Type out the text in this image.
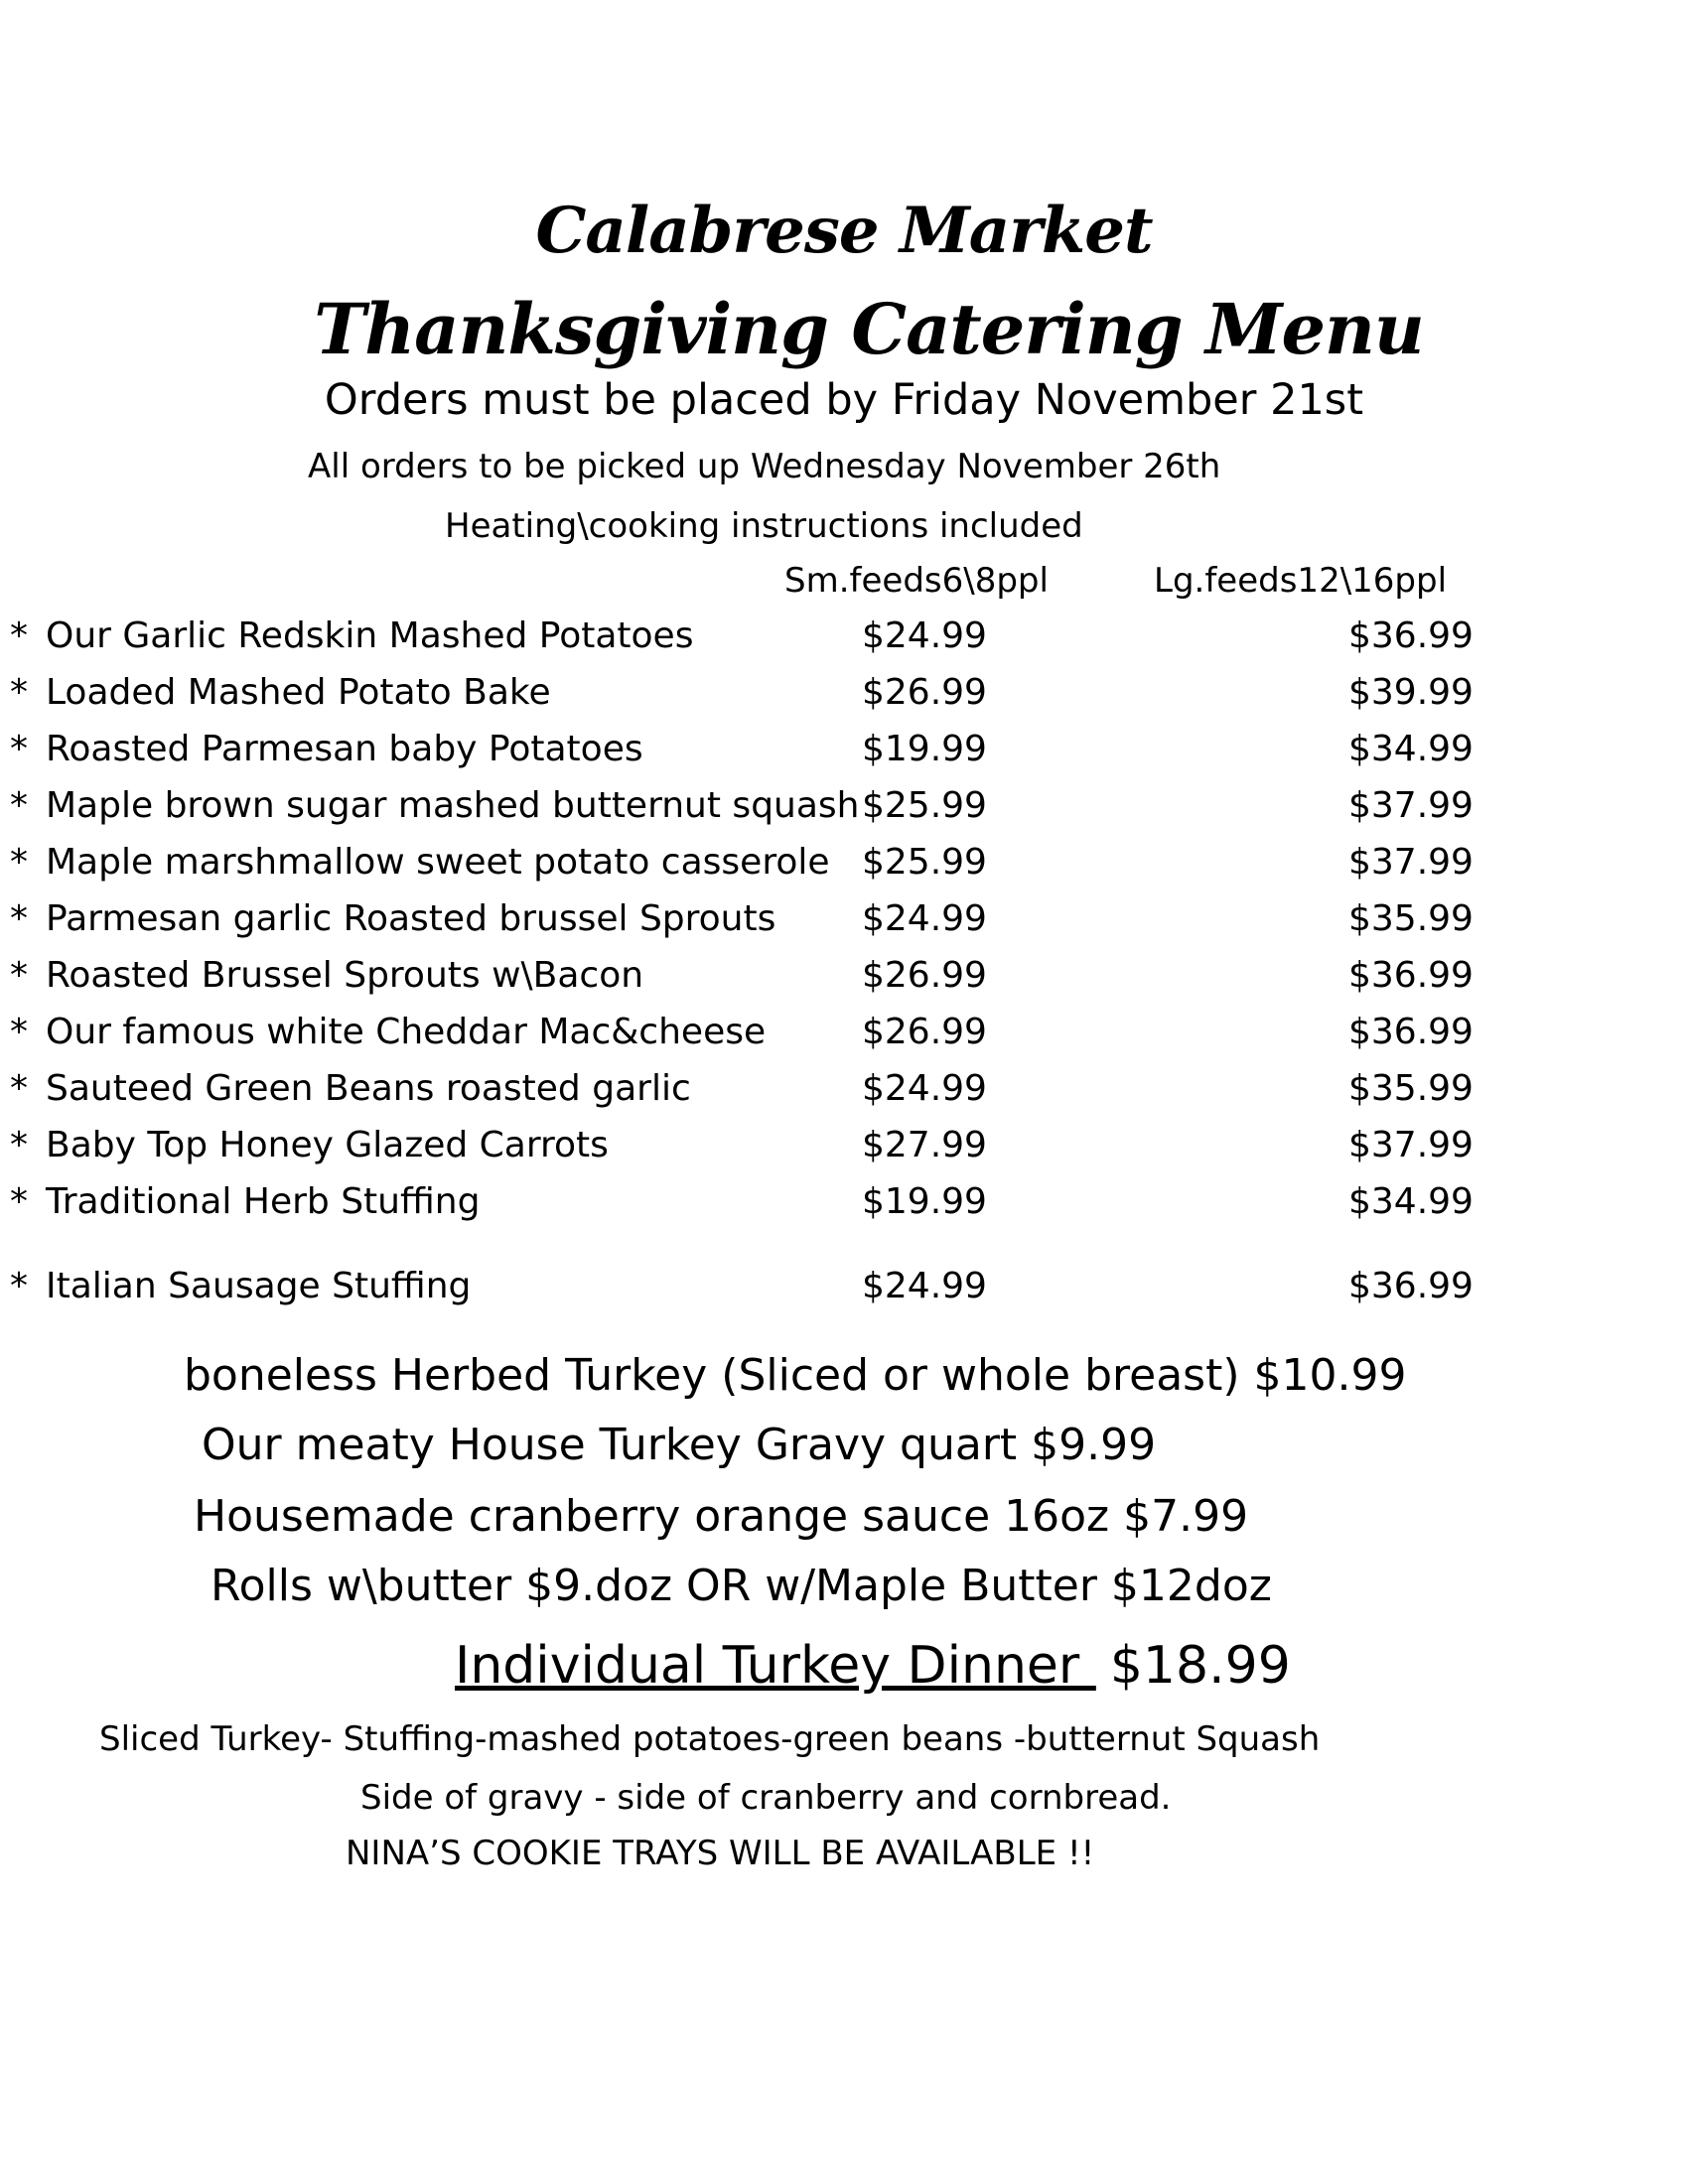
Calabrese Market
Thanksgiving Catering Menu
Orders must be placed by Friday November 21st
All orders to be picked up Wednesday November 26th
Heating\cooking instructions included
Sm.feeds6\8ppl	Lg.feeds12\16ppl
* Our Garlic Redskin Mashed Potatoes	$24.99	$36.99
* Loaded Mashed Potato Bake	$26.99	$39.99
* Roasted Parmesan baby Potatoes	$19.99	$34.99
* Maple brown sugar mashed butternut squash $25.99	$37.99
* Maple marshmallow sweet potato casserole $25.99	$37.99
* Parmesan garlic Roasted brussel Sprouts $24.99	$35.99
* Roasted Brussel Sprouts w\Bacon	$26.99	$36.99
* Our famous white Cheddar Mac&cheese	$26.99	$36.99
* Sauteed Green Beans roasted garlic	$24.99	$35.99
* Baby Top Honey Glazed Carrots	$27.99	$37.99
* Traditional Herb Stuffing	$19.99	$34.99
* Italian Sausage Stuffing	$24.99	$36.99
boneless Herbed Turkey (Sliced or whole breast) $10.99
Our meaty House Turkey Gravy quart $9.99
Housemade cranberry orange sauce 16oz $7.99
Rolls w\butter $9.doz OR w/Maple Butter $12doz
Individual Turkey Dinner $18.99
Sliced Turkey- Stuffing-mashed potatoes-green beans -butternut Squash
Side of gravy - side of cranberry and cornbread.
NINA’S COOKIE TRAYS WILL BE AVAILABLE !!
